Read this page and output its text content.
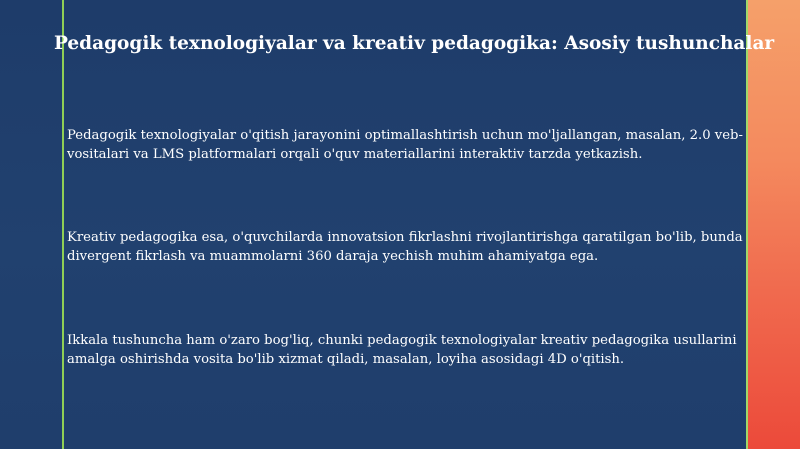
Pedagogik texnologiyalar va kreativ pedagogika: Asosiy tushunchalar

Pedagogik texnologiyalar o'qitish jarayonini optimallashtirish uchun mo'ljallangan, masalan, 2.0 veb-vositalari va LMS platformalari orqali o'quv materiallarini interaktiv tarzda yetkazish.

Kreativ pedagogika esa, o'quvchilarda innovatsion fikrlashni rivojlantirishga qaratilgan bo'lib, bunda divergent fikrlash va muammolarni 360 daraja yechish muhim ahamiyatga ega.

Ikkala tushuncha ham o'zaro bog'liq, chunki pedagogik texnologiyalar kreativ pedagogika usullarini amalga oshirishda vosita bo'lib xizmat qiladi, masalan, loyiha asosidagi 4D o'qitish.
